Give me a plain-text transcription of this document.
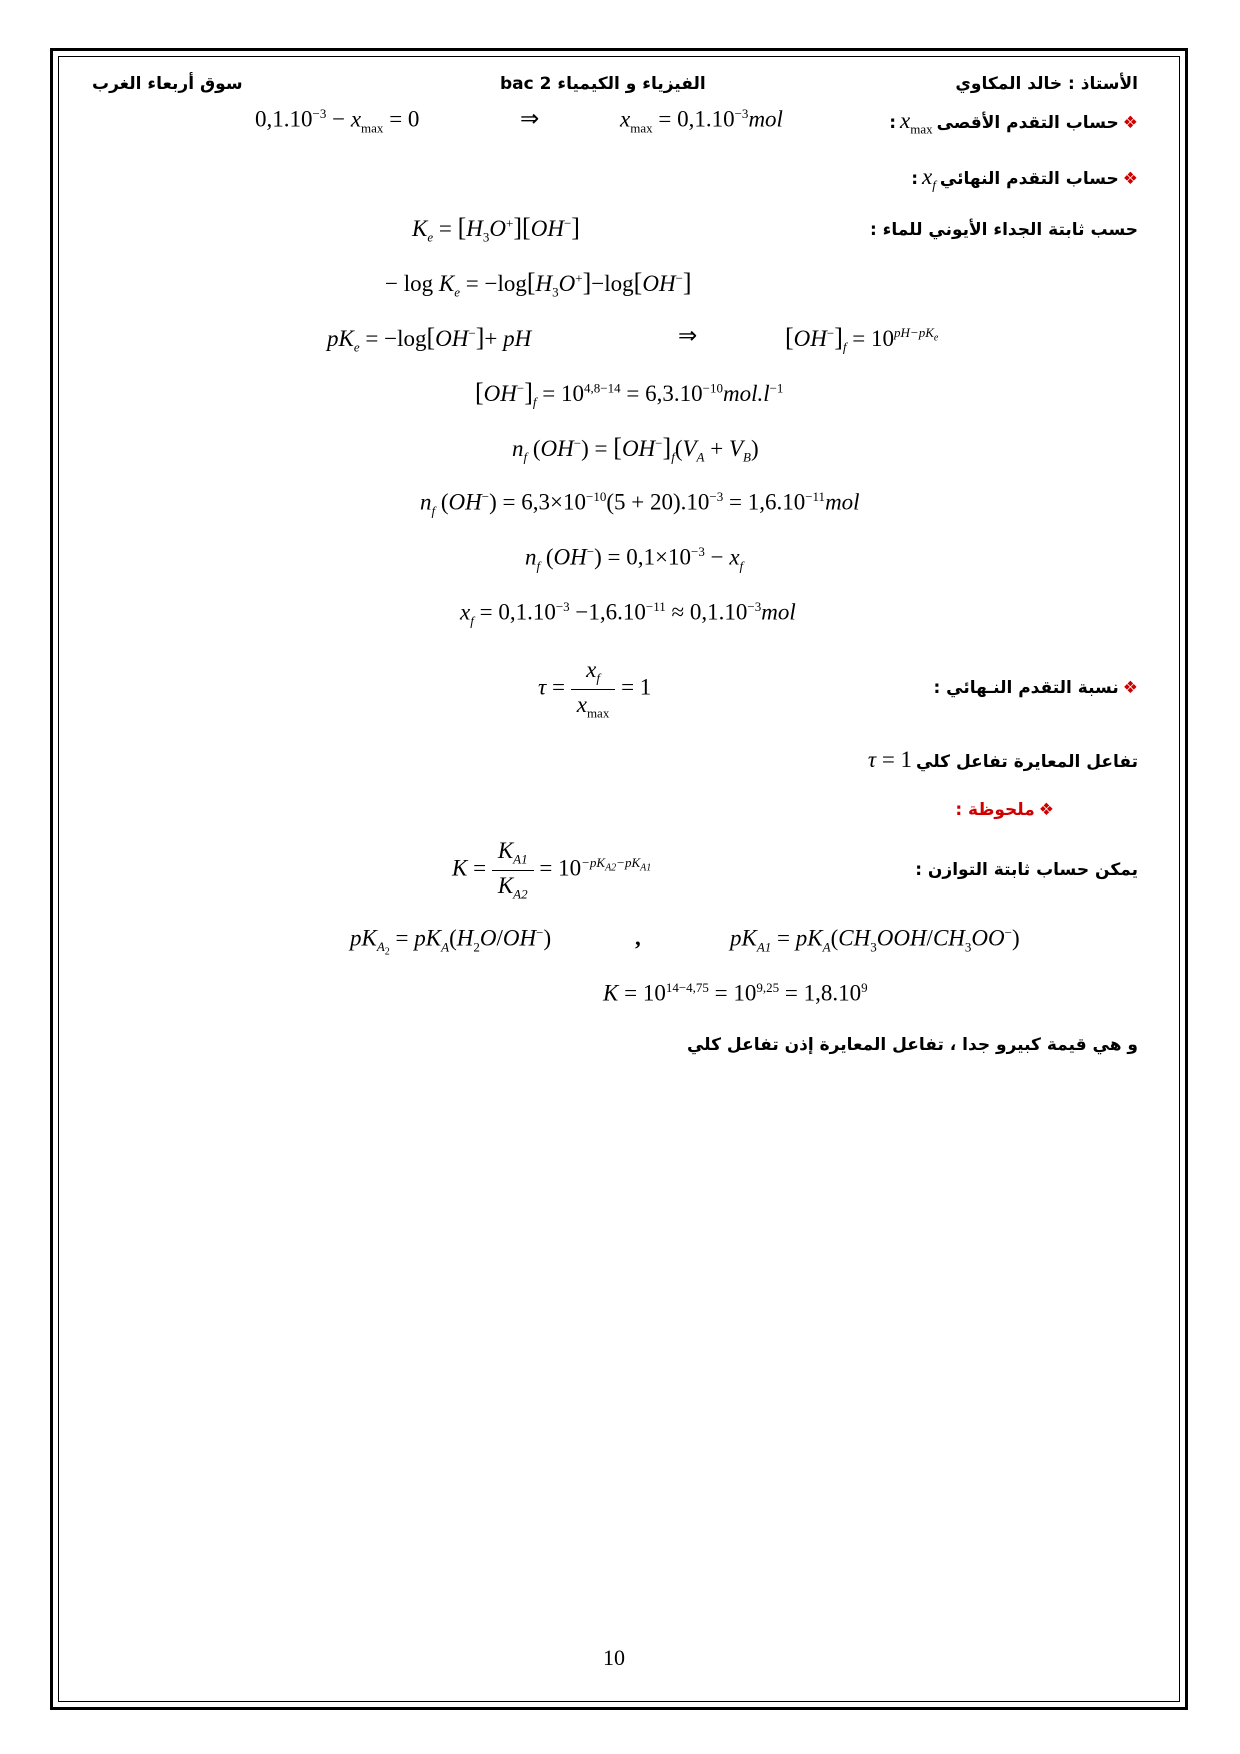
الأستاذ : خالد المكاوي
الفيزياء و الكيمياء 2 bac
سوق أربعاء الغرب
❖ حساب التقدم الأقصى $x_{max}$ :
$x_{max} = 0,1.10^{-3}mol$
⇒
$0,1.10^{-3} - x_{max} = 0$
❖ حساب التقدم النهائي $x_f$ :
حسب ثابتة الجداء الأيوني للماء :
$K_e = [H_3O^+][OH^-]$
− $\log K_e = -\log[H_3O^+]-\log[OH^-]$
$pK_e = -\log[OH^-]+$ pH	⇒	$[OH^-]_f = 10^{pH-pK_e}$
$[OH^-]_f = 10^{4,8-14} = 6,3.10^{-10}mol.l^{-1}$
$n_f$ $(OH^-) = [OH^-]_f(V_A + V_B)$
$n_f$ $(OH^-) = 6,3\times 10^{-10}(5 + 20).10^{-3} = 1,6.10^{-11}mol$
$n_f$ $(OH^-) = 0,1\times 10^{-3} - x_f$
$x_f = 0,1.10^{-3} -1,6.10^{-11} \approx 0,1.10^{-3}mol$
❖ نسبة التقدم النـهائي :
$\tau = \frac{x_f}{x_{max}} = 1$
تفاعل المعايرة تفاعل كلي τ = 1
❖ ملحوظة :
يمكن حساب ثابتة التوازن :
$K = \frac{K_{A1}}{K_{A2}} = 10^{-pK_{A2}-pK_{A1}}$
$pK_{A_2} = pK_A(H_2O/OH^-)$	,	$pK_{A1} = pK_A(CH_3OOH/CH_3OO^-)$
$K = 10^{14-4,75} = 10^{9,25} = 1,8.10^9$
و هي قيمة كبيرو جدا ، تفاعل المعايرة إذن تفاعل كلي
10
